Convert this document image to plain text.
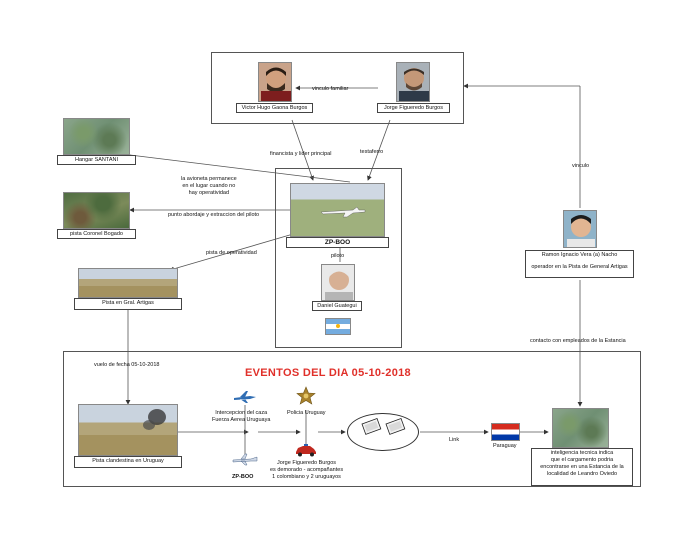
Victor Hugo Gaona Burgos	Jorge Figueredo Burgos
vinculo familiar
financista y lider principal	testaferro
vinculo
Hangar SANTANI
la avioneta permanece
en el lugar cuando no
hay operatividad
pista Coronel Bogado
punto abordaje y extraccion del piloto
ZP-BOO
piloto
Daniel Guategui
Ramon Ignacio Vera (a) Nacho
operador en la Pista de General Artigas
contacto con empleados de la Estancia
pista de operatividad
Pista en Gral. Artigas
EVENTOS DEL DIA 05-10-2018
vuelo de fecha 05-10-2018
Pista clandestina en Uruguay
Intercepcion del caza
Fuerza Aerea Uruguaya
Policia Uruguay
ZP-BOO
Jorge Figueredo Burgos
es demorado - acompañantes
1 colombiano y 2 uruguayos
Link
Paraguay
inteligencia tecnica indica
que el cargamento podria
encontrarse en una Estancia de la
localidad de Leandro Oviedo
